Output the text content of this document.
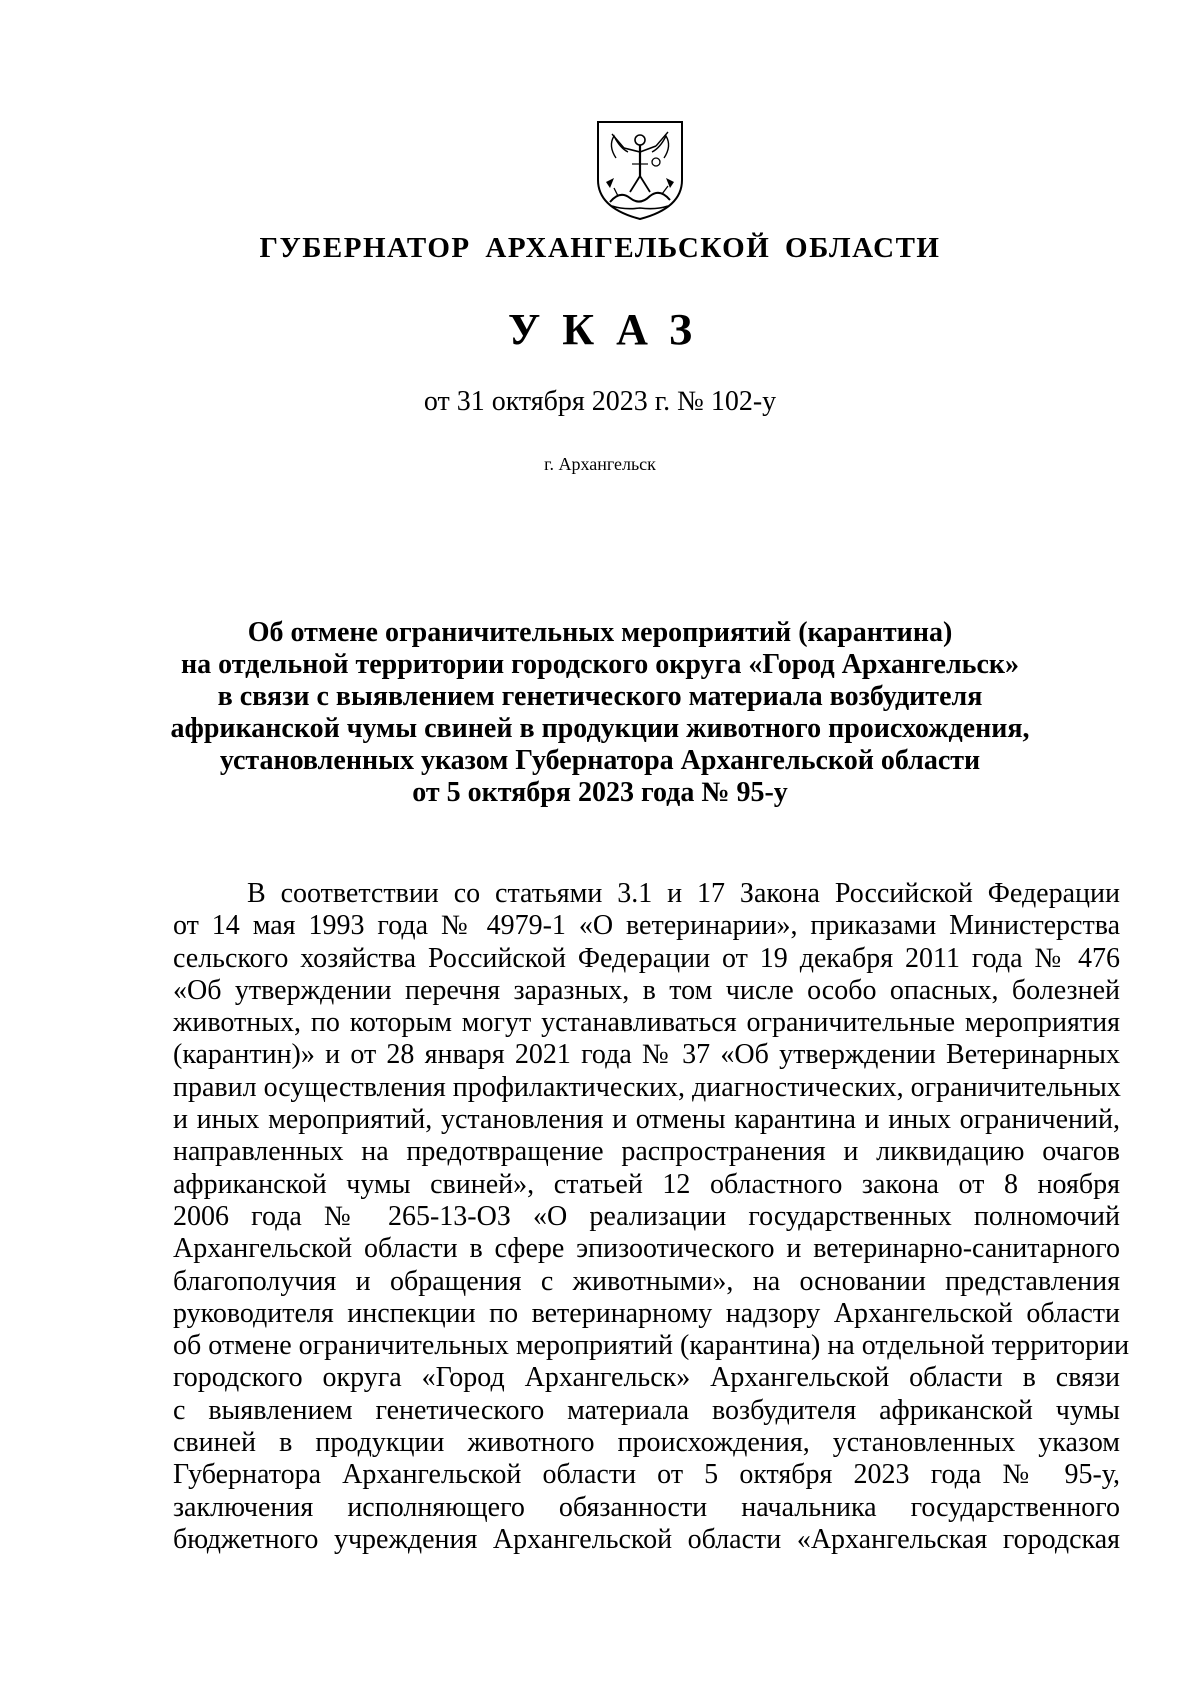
ГУБЕРНАТОР АРХАНГЕЛЬСКОЙ ОБЛАСТИ
УКАЗ
от 31 октября 2023 г. № 102-у
г. Архангельск
Об отмене ограничительных мероприятий (карантина)
на отдельной территории городского округа «Город Архангельск»
в связи с выявлением генетического материала возбудителя
африканской чумы свиней в продукции животного происхождения,
установленных указом Губернатора Архангельской области
от 5 октября 2023 года № 95-у
В соответствии со статьями 3.1 и 17 Закона Российской Федерации
от 14 мая 1993 года № 4979-1 «О ветеринарии», приказами Министерства
сельского хозяйства Российской Федерации от 19 декабря 2011 года № 476
«Об утверждении перечня заразных, в том числе особо опасных, болезней
животных, по которым могут устанавливаться ограничительные мероприятия
(карантин)» и от 28 января 2021 года № 37 «Об утверждении Ветеринарных
правил осуществления профилактических, диагностических, ограничительных
и иных мероприятий, установления и отмены карантина и иных ограничений,
направленных на предотвращение распространения и ликвидацию очагов
африканской чумы свиней», статьей 12 областного закона от 8 ноября
2006 года № 265-13-ОЗ «О реализации государственных полномочий
Архангельской области в сфере эпизоотического и ветеринарно-санитарного
благополучия и обращения с животными», на основании представления
руководителя инспекции по ветеринарному надзору Архангельской области
об отмене ограничительных мероприятий (карантина) на отдельной территории
городского округа «Город Архангельск» Архангельской области в связи
с выявлением генетического материала возбудителя африканской чумы
свиней в продукции животного происхождения, установленных указом
Губернатора Архангельской области от 5 октября 2023 года № 95-у,
заключения исполняющего обязанности начальника государственного
бюджетного учреждения Архангельской области «Архангельская городская
